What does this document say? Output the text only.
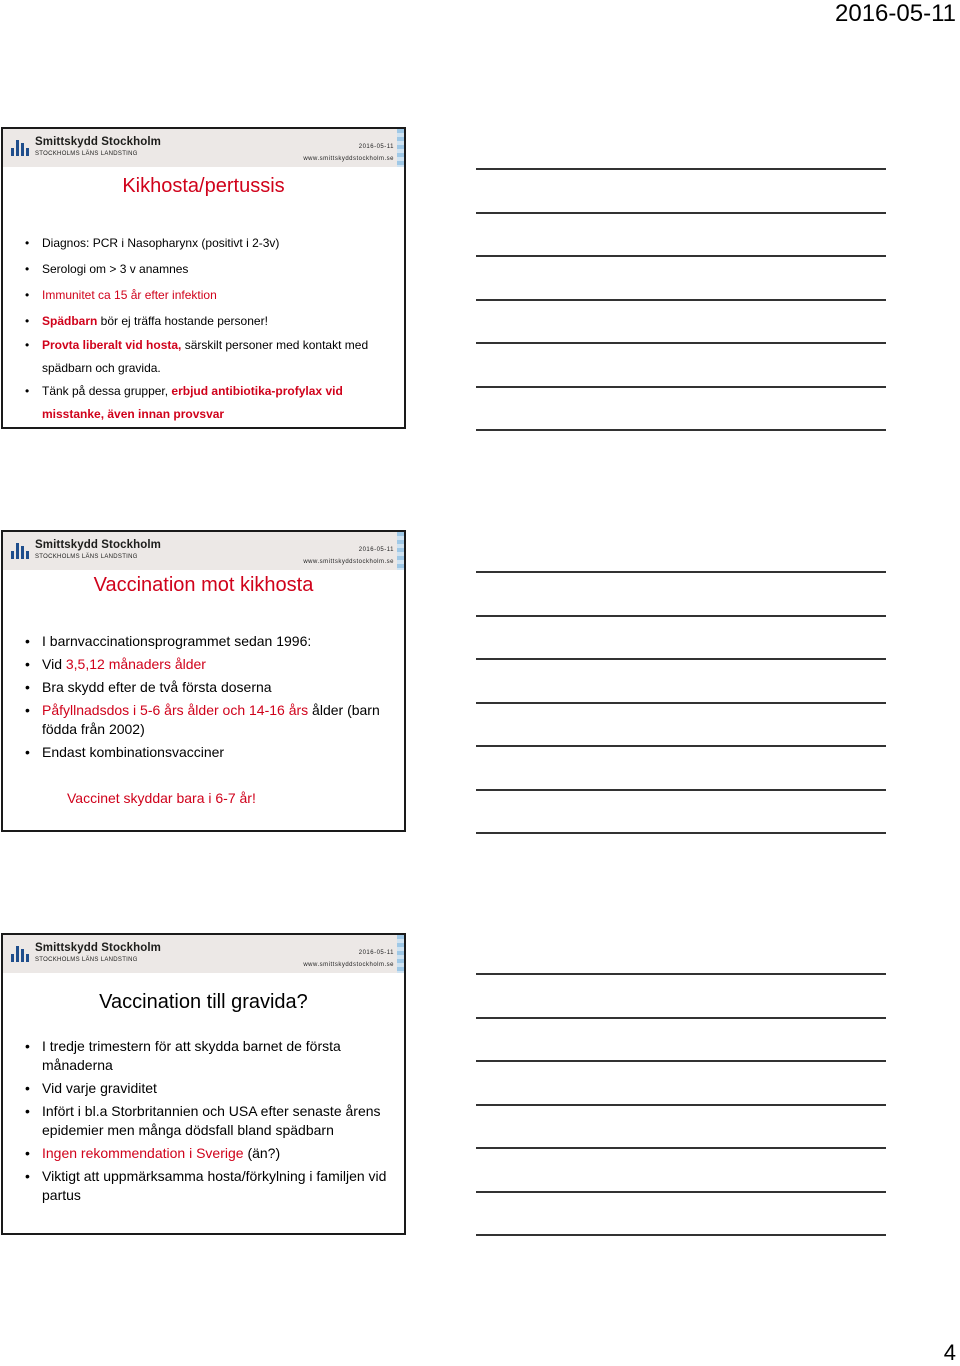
2016-05-11
Smittskydd Stockholm
STOCKHOLMS LÄNS LANDSTING
2016-05-11
www.smittskyddstockholm.se
Kikhosta/pertussis
• Diagnos: PCR i Nasopharynx (positivt i 2-3v)
• Serologi om > 3 v anamnes
• Immunitet ca 15 år efter infektion
• Spädbarn bör ej träffa hostande personer!
• Provta liberalt vid hosta, särskilt personer med kontakt med spädbarn och gravida.
• Tänk på dessa grupper, erbjud antibiotika-profylax vid misstanke, även innan provsvar
Smittskydd Stockholm
STOCKHOLMS LÄNS LANDSTING
2016-05-11
www.smittskyddstockholm.se
Vaccination mot kikhosta
• I barnvaccinationsprogrammet sedan 1996:
• Vid 3,5,12 månaders ålder
• Bra skydd efter de två första doserna
• Påfyllnadsdos i 5-6 års ålder och 14-16 års ålder (barn födda från 2002)
• Endast kombinationsvacciner
Vaccinet skyddar bara i 6-7 år!
Smittskydd Stockholm
STOCKHOLMS LÄNS LANDSTING
2016-05-11
www.smittskyddstockholm.se
Vaccination till gravida?
• I tredje trimestern för att skydda barnet de första månaderna
• Vid varje graviditet
• Infört i bl.a Storbritannien och USA efter senaste årens epidemier men många dödsfall bland spädbarn
• Ingen rekommendation i Sverige (än?)
• Viktigt att uppmärksamma hosta/förkylning i familjen vid partus
4
